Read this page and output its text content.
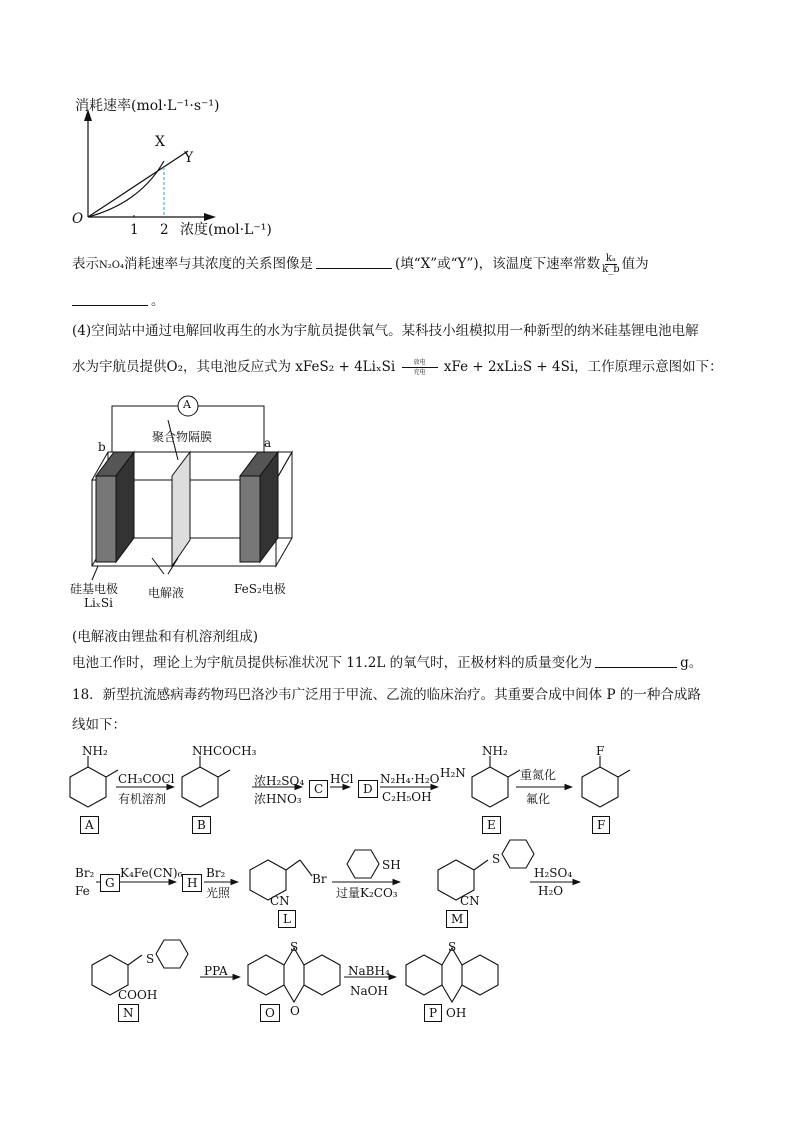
消耗速率(mol·L⁻¹·s⁻¹)
O
1 2 浓度(mol·L⁻¹)
X
Y
表示N₂O₄消耗速率与其浓度的关系图像是	(填“X”或“Y”)，该温度下速率常数 $\frac{\text{kₐ}}{k\_b}$ 值为
。
(4)空间站中通过电解回收再生的水为宇航员提供氧气。某科技小组模拟用一种新型的纳米硅基锂电池电解
水为宇航员提供O₂，其电池反应式为 xFeS₂ + 4LiₓSi	放电
充电 xFe + 2xLi₂S + 4Si，工作原理示意图如下：
A
聚合物隔膜
b	a
硅基电极
LiₓSi
电解液	FeS₂电极
(电解液由锂盐和有机溶剂组成)
电池工作时，理论上为宇航员提供标准状况下 11.2L 的氧气时，正极材料的质量变化为	g。
18．新型抗流感病毒药物玛巴洛沙韦广泛用于甲流、乙流的临床治疗。其重要合成中间体 P 的一种合成路
线如下：
NH₂
CH₃COCl
有机溶剂
NHCOCH₃
浓H₂SO₄
浓HNO₃
HCl N₂H₄·H₂O
C₂H₅OH
NH₂
H₂N	重氮化
氟化
F
Br₂
Fe
K₄Fe(CN)₆ Br₂
光照
Br
CN
SH
过量K₂CO₃
S
CN
H₂SO₄
H₂O
S
COOH
PPA
S
O
NaBH₄
NaOH
S
OH
A	B
C	D
E	F
G	H
L	M
N	O	P
